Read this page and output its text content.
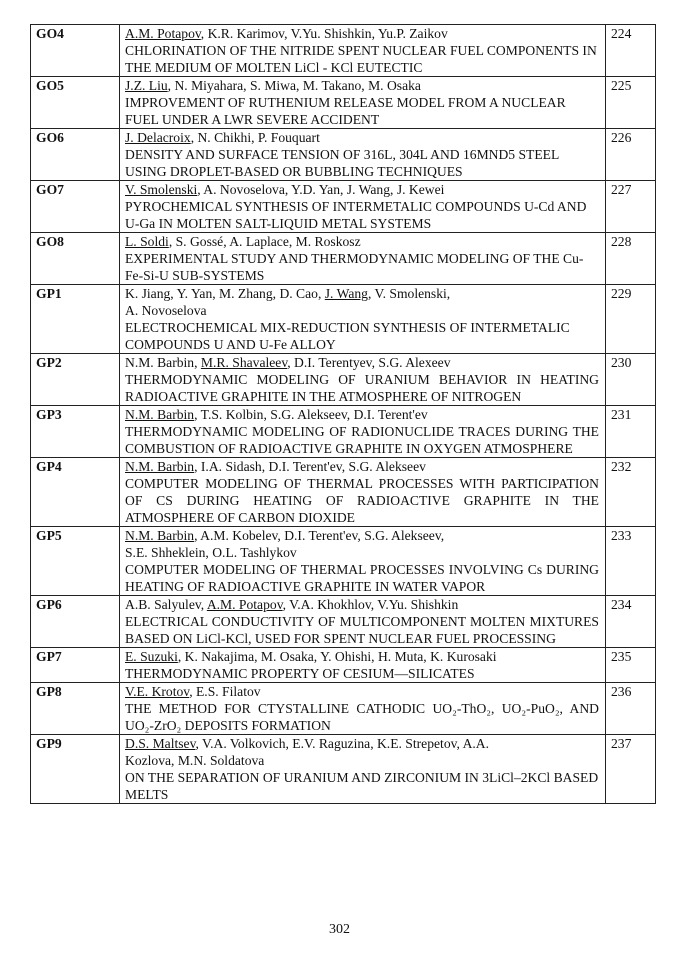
GO4	A.M. Potapov, K.R. Karimov, V.Yu. Shishkin, Yu.P. Zaikov
CHLORINATION OF THE NITRIDE SPENT NUCLEAR FUEL COMPONENTS IN THE MEDIUM OF MOLTEN LiCl - KCl EUTECTIC	224
GO5	J.Z. Liu, N. Miyahara, S. Miwa, M. Takano, M. Osaka
IMPROVEMENT OF RUTHENIUM RELEASE MODEL FROM A NUCLEAR FUEL UNDER A LWR SEVERE ACCIDENT	225
GO6	J. Delacroix, N. Chikhi, P. Fouquart
DENSITY AND SURFACE TENSION OF 316L, 304L AND 16MND5 STEEL USING DROPLET-BASED OR BUBBLING TECHNIQUES	226
GO7	V. Smolenski, A. Novoselova, Y.D. Yan, J. Wang, J. Kewei
PYROCHEMICAL SYNTHESIS OF INTERMETALIC COMPOUNDS U-Cd AND U-Ga IN MOLTEN SALT-LIQUID METAL SYSTEMS	227
GO8	L. Soldi, S. Gossé, A. Laplace, M. Roskosz
EXPERIMENTAL STUDY AND THERMODYNAMIC MODELING OF THE Cu-Fe-Si-U SUB-SYSTEMS	228
GP1	K. Jiang, Y. Yan, M. Zhang, D. Cao, J. Wang, V. Smolenski,
A. Novoselova
ELECTROCHEMICAL MIX-REDUCTION SYNTHESIS OF INTERMETALIC COMPOUNDS U AND U-Fe ALLOY	229
GP2	N.M. Barbin, M.R. Shavaleev, D.I. Terentyev, S.G. Alexeev
THERMODYNAMIC MODELING OF URANIUM BEHAVIOR IN HEATING RADIOACTIVE GRAPHITE IN THE ATMOSPHERE OF NITROGEN	230
GP3	N.M. Barbin, T.S. Kolbin, S.G. Alekseev, D.I. Terent'ev
THERMODYNAMIC MODELING OF RADIONUCLIDE TRACES DURING THE COMBUSTION OF RADIOACTIVE GRAPHITE IN OXYGEN ATMOSPHERE	231
GP4	N.M. Barbin, I.A. Sidash, D.I. Terent'ev, S.G. Alekseev
COMPUTER MODELING OF THERMAL PROCESSES WITH PARTICIPATION OF CS DURING HEATING OF RADIOACTIVE GRAPHITE IN THE ATMOSPHERE OF CARBON DIOXIDE	232
GP5	N.M. Barbin, A.M. Kobelev, D.I. Terent'ev, S.G. Alekseev,
S.E. Shheklein, O.L. Tashlykov
COMPUTER MODELING OF THERMAL PROCESSES INVOLVING Cs DURING HEATING OF RADIOACTIVE GRAPHITE IN WATER VAPOR	233
GP6	A.B. Salyulev, A.M. Potapov, V.A. Khokhlov, V.Yu. Shishkin
ELECTRICAL CONDUCTIVITY OF MULTICOMPONENT MOLTEN MIXTURES BASED ON LiCl-KCl, USED FOR SPENT NUCLEAR FUEL PROCESSING	234
GP7	E. Suzuki, K. Nakajima, M. Osaka, Y. Ohishi, H. Muta, K. Kurosaki
THERMODYNAMIC PROPERTY OF CESIUM—SILICATES	235
GP8	V.E. Krotov, E.S. Filatov
THE METHOD FOR CTYSTALLINE CATHODIC UO₂-ThO₂, UO₂-PuO₂, AND UO₂-ZrO₂ DEPOSITS FORMATION	236
GP9	D.S. Maltsev, V.A. Volkovich, E.V. Raguzina, K.E. Strepetov, A.A.
Kozlova, M.N. Soldatova
ON THE SEPARATION OF URANIUM AND ZIRCONIUM IN 3LiCl–2KCl BASED MELTS	237
302
